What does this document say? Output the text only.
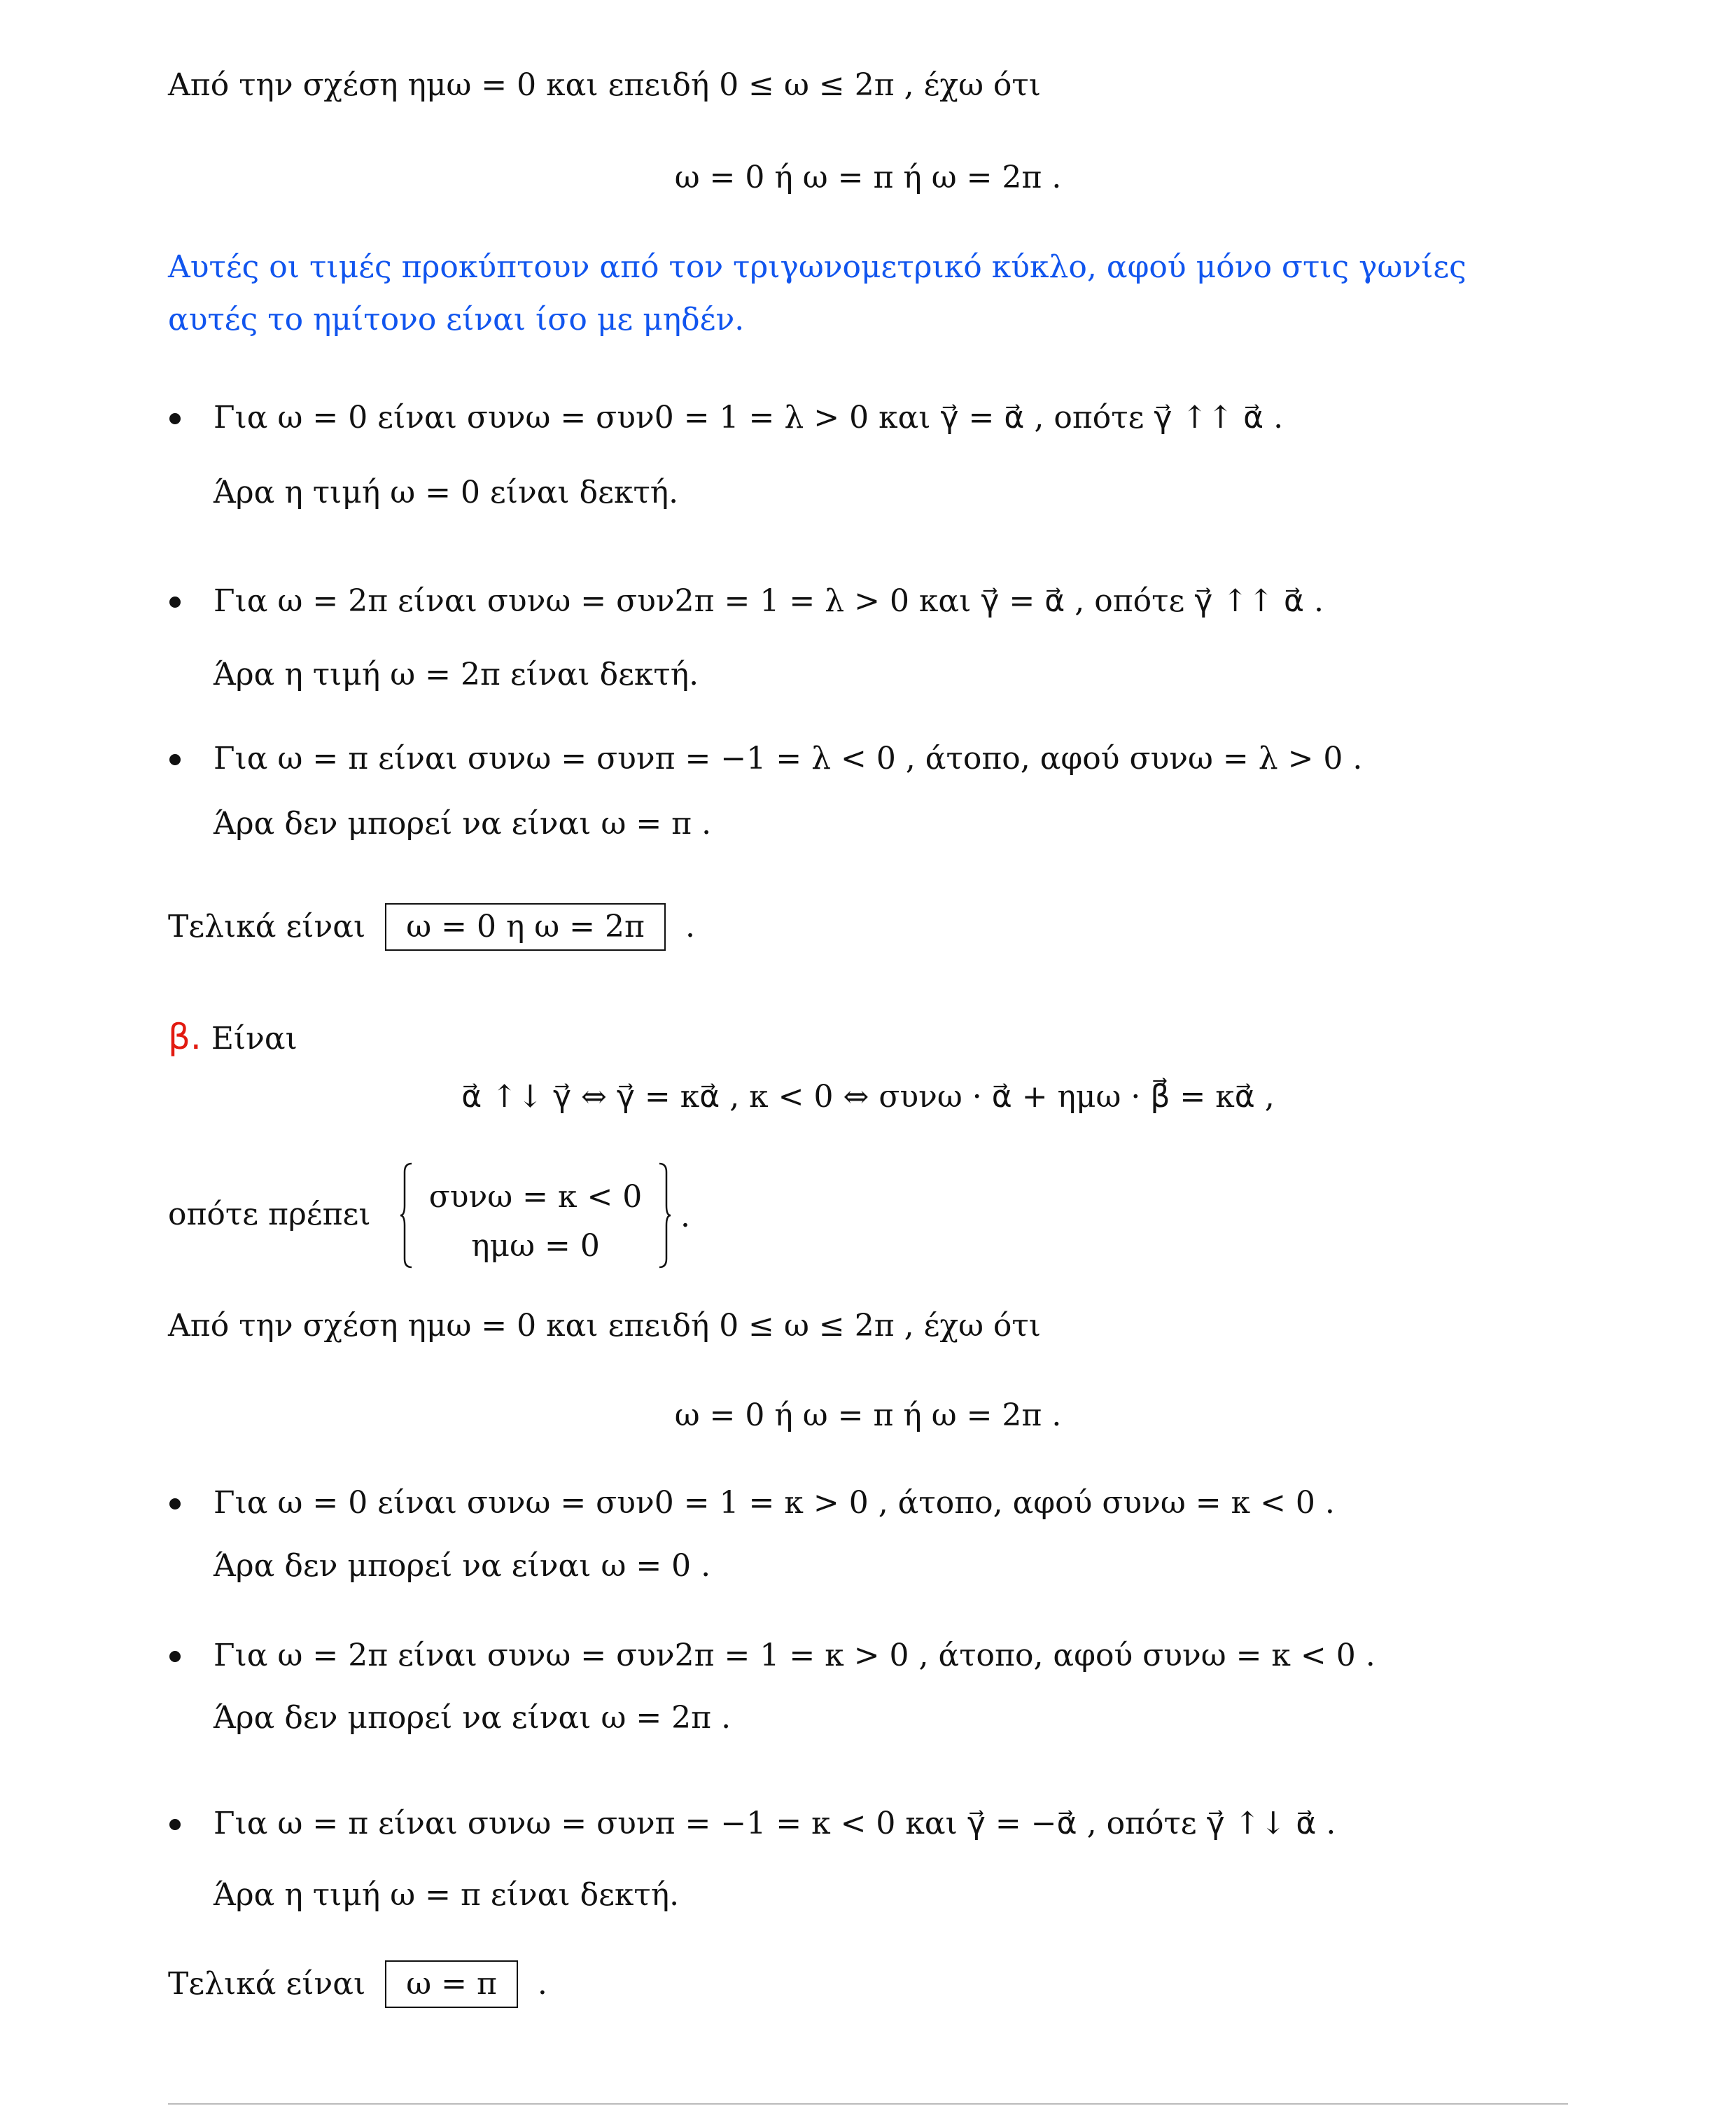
Από την σχέση ημω = 0 και επειδή 0 ≤ ω ≤ 2π , έχω ότι
ω = 0 ή ω = π ή ω = 2π .
Αυτές οι τιμές προκύπτουν από τον τριγωνομετρικό κύκλο, αφού μόνο στις γωνίες
αυτές το ημίτονο είναι ίσο με μηδέν.
Για ω = 0 είναι συνω = συν0 = 1 = λ > 0 και γ⃗ = α⃗ , οπότε γ⃗ ↑↑ α⃗ .
Άρα η τιμή ω = 0 είναι δεκτή.
Για ω = 2π είναι συνω = συν2π = 1 = λ > 0 και γ⃗ = α⃗ , οπότε γ⃗ ↑↑ α⃗ .
Άρα η τιμή ω = 2π είναι δεκτή.
Για ω = π είναι συνω = συνπ = −1 = λ < 0 , άτοπο, αφού συνω = λ > 0 .
Άρα δεν μπορεί να είναι ω = π .
Τελικά είναι ω = 0 η ω = 2π .
β. Είναι
α⃗ ↑↓ γ⃗ ⇔ γ⃗ = κα⃗ , κ < 0 ⇔ συνω · α⃗ + ημω · β⃗ = κα⃗ ,
οπότε πρέπει	συνω = κ < 0
ημω = 0
.
Από την σχέση ημω = 0 και επειδή 0 ≤ ω ≤ 2π , έχω ότι
ω = 0 ή ω = π ή ω = 2π .
Για ω = 0 είναι συνω = συν0 = 1 = κ > 0 , άτοπο, αφού συνω = κ < 0 .
Άρα δεν μπορεί να είναι ω = 0 .
Για ω = 2π είναι συνω = συν2π = 1 = κ > 0 , άτοπο, αφού συνω = κ < 0 .
Άρα δεν μπορεί να είναι ω = 2π .
Για ω = π είναι συνω = συνπ = −1 = κ < 0 και γ⃗ = −α⃗ , οπότε γ⃗ ↑↓ α⃗ .
Άρα η τιμή ω = π είναι δεκτή.
Τελικά είναι ω = π .
